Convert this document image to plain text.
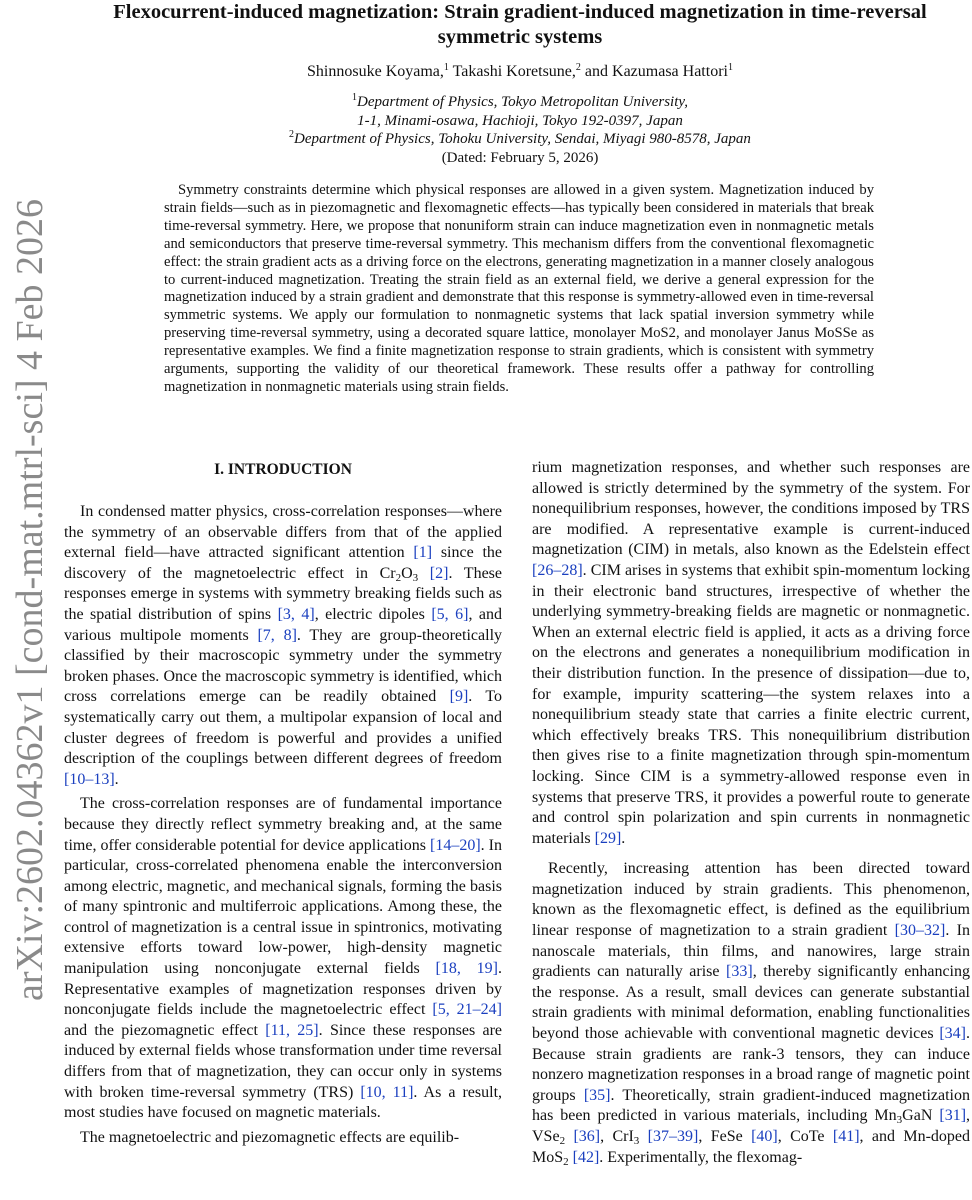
arXiv:2602.04362v1 [cond-mat.mtrl-sci] 4 Feb 2026
Flexocurrent-induced magnetization: Strain gradient-induced magnetization in time-reversal symmetric systems
Shinnosuke Koyama,$^1$ Takashi Koretsune,$^2$ and Kazumasa Hattori$^1$
$^1$Department of Physics, Tokyo Metropolitan University,
1-1, Minami-osawa, Hachioji, Tokyo 192-0397, Japan
$^2$Department of Physics, Tohoku University, Sendai, Miyagi 980-8578, Japan
(Dated: February 5, 2026)
Symmetry constraints determine which physical responses are allowed in a given system. Magnetization induced by strain fields—such as in piezomagnetic and flexomagnetic effects—has typically been considered in materials that break time-reversal symmetry. Here, we propose that nonuniform strain can induce magnetization even in nonmagnetic metals and semiconductors that preserve time-reversal symmetry. This mechanism differs from the conventional flexomagnetic effect: the strain gradient acts as a driving force on the electrons, generating magnetization in a manner closely analogous to current-induced magnetization. Treating the strain field as an external field, we derive a general expression for the magnetization induced by a strain gradient and demonstrate that this response is symmetry-allowed even in time-reversal symmetric systems. We apply our formulation to nonmagnetic systems that lack spatial inversion symmetry while preserving time-reversal symmetry, using a decorated square lattice, monolayer MoS2, and monolayer Janus MoSSe as representative examples. We find a finite magnetization response to strain gradients, which is consistent with symmetry arguments, supporting the validity of our theoretical framework. These results offer a pathway for controlling magnetization in nonmagnetic materials using strain fields.
I. INTRODUCTION

In condensed matter physics, cross-correlation responses—where the symmetry of an observable differs from that of the applied external field—have attracted significant attention [1] since the discovery of the magnetoelectric effect in $Cr_2O_3$ [2]. These responses emerge in systems with symmetry breaking fields such as the spatial distribution of spins [3, 4], electric dipoles [5, 6], and various multipole moments [7, 8]. They are group-theoretically classified by their macroscopic symmetry under the symmetry broken phases. Once the macroscopic symmetry is identified, which cross correlations emerge can be readily obtained [9]. To systematically carry out them, a multipolar expansion of local and cluster degrees of freedom is powerful and provides a unified description of the couplings between different degrees of freedom [10–13].

The cross-correlation responses are of fundamental importance because they directly reflect symmetry breaking and, at the same time, offer considerable potential for device applications [14–20]. In particular, cross-correlated phenomena enable the interconversion among electric, magnetic, and mechanical signals, forming the basis of many spintronic and multiferroic applications. Among these, the control of magnetization is a central issue in spintronics, motivating extensive efforts toward low-power, high-density magnetic manipulation using nonconjugate external fields [18, 19]. Representative examples of magnetization responses driven by nonconjugate fields include the magnetoelectric effect [5, 21–24] and the piezomagnetic effect [11, 25]. Since these responses are induced by external fields whose transformation under time reversal differs from that of magnetization, they can occur only in systems with broken time-reversal symmetry (TRS) [10, 11]. As a result, most studies have focused on magnetic materials.

The magnetoelectric and piezomagnetic effects are equilib-

rium magnetization responses, and whether such responses are allowed is strictly determined by the symmetry of the system. For nonequilibrium responses, however, the conditions imposed by TRS are modified. A representative example is current-induced magnetization (CIM) in metals, also known as the Edelstein effect [26–28]. CIM arises in systems that exhibit spin-momentum locking in their electronic band structures, irrespective of whether the underlying symmetry-breaking fields are magnetic or nonmagnetic. When an external electric field is applied, it acts as a driving force on the electrons and generates a nonequilibrium modification in their distribution function. In the presence of dissipation—due to, for example, impurity scattering—the system relaxes into a nonequilibrium steady state that carries a finite electric current, which effectively breaks TRS. This nonequilibrium distribution then gives rise to a finite magnetization through spin-momentum locking. Since CIM is a symmetry-allowed response even in systems that preserve TRS, it provides a powerful route to generate and control spin polarization and spin currents in nonmagnetic materials [29].

Recently, increasing attention has been directed toward magnetization induced by strain gradients. This phenomenon, known as the flexomagnetic effect, is defined as the equilibrium linear response of magnetization to a strain gradient [30–32]. In nanoscale materials, thin films, and nanowires, large strain gradients can naturally arise [33], thereby significantly enhancing the response. As a result, small devices can generate substantial strain gradients with minimal deformation, enabling functionalities beyond those achievable with conventional magnetic devices [34]. Because strain gradients are rank-3 tensors, they can induce nonzero magnetization responses in a broad range of magnetic point groups [35]. Theoretically, strain gradient-induced magnetization has been predicted in various materials, including $Mn_3GaN$ [31], VSe$_2$ [36], CrI$_3$ [37–39], FeSe [40], CoTe [41], and Mn-doped MoS$_2$ [42]. Experimentally, the flexomag-
